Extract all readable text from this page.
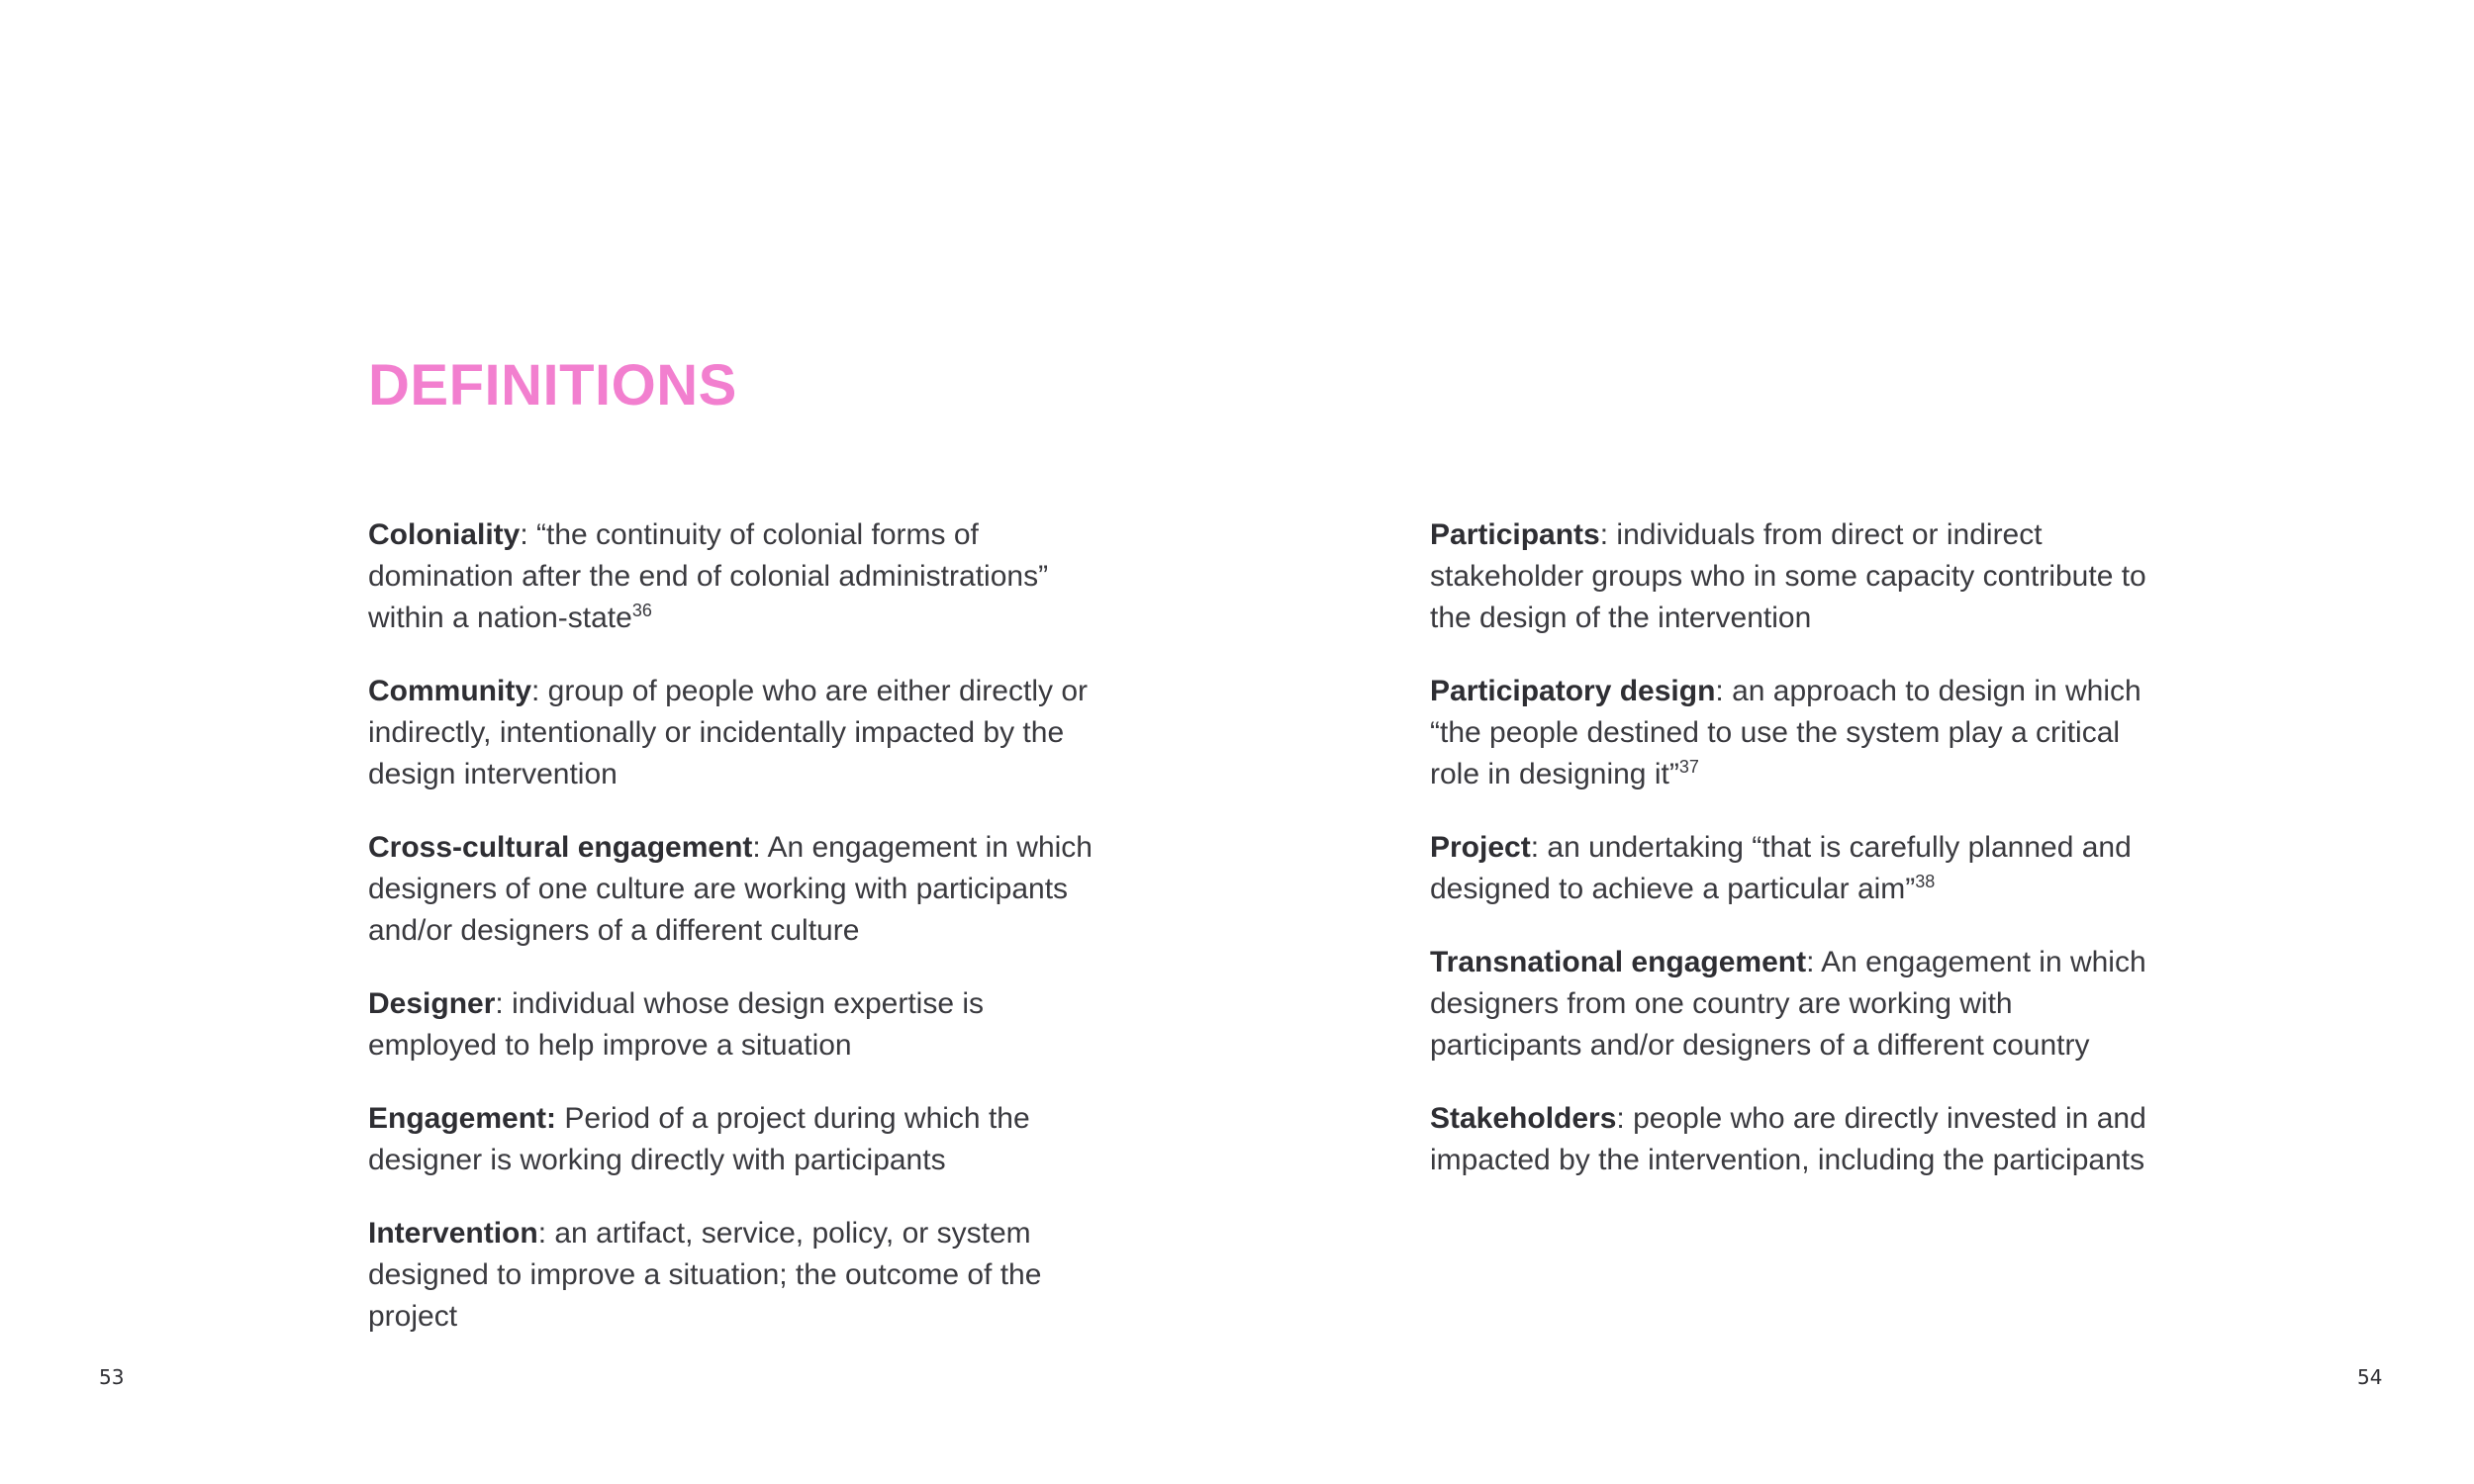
DEFINITIONS

Coloniality: “the continuity of colonial forms of domination after the end of colonial administrations” within a nation-state$^{36}$

Community: group of people who are either directly or indirectly, intentionally or incidentally impacted by the design intervention

Cross-cultural engagement: An engagement in which designers of one culture are working with participants and/or designers of a different culture

Designer: individual whose design expertise is employed to help improve a situation

Engagement: Period of a project during which the designer is working directly with participants

Intervention: an artifact, service, policy, or system designed to improve a situation; the outcome of the project

Participants: individuals from direct or indirect stakeholder groups who in some capacity contribute to the design of the intervention

Participatory design: an approach to design in which “the people destined to use the system play a critical role in designing it”$^{37}$

Project: an undertaking “that is carefully planned and designed to achieve a particular aim”$^{38}$

Transnational engagement: An engagement in which designers from one country are working with participants and/or designers of a different country

Stakeholders: people who are directly invested in and impacted by the intervention, including the participants

53	54
